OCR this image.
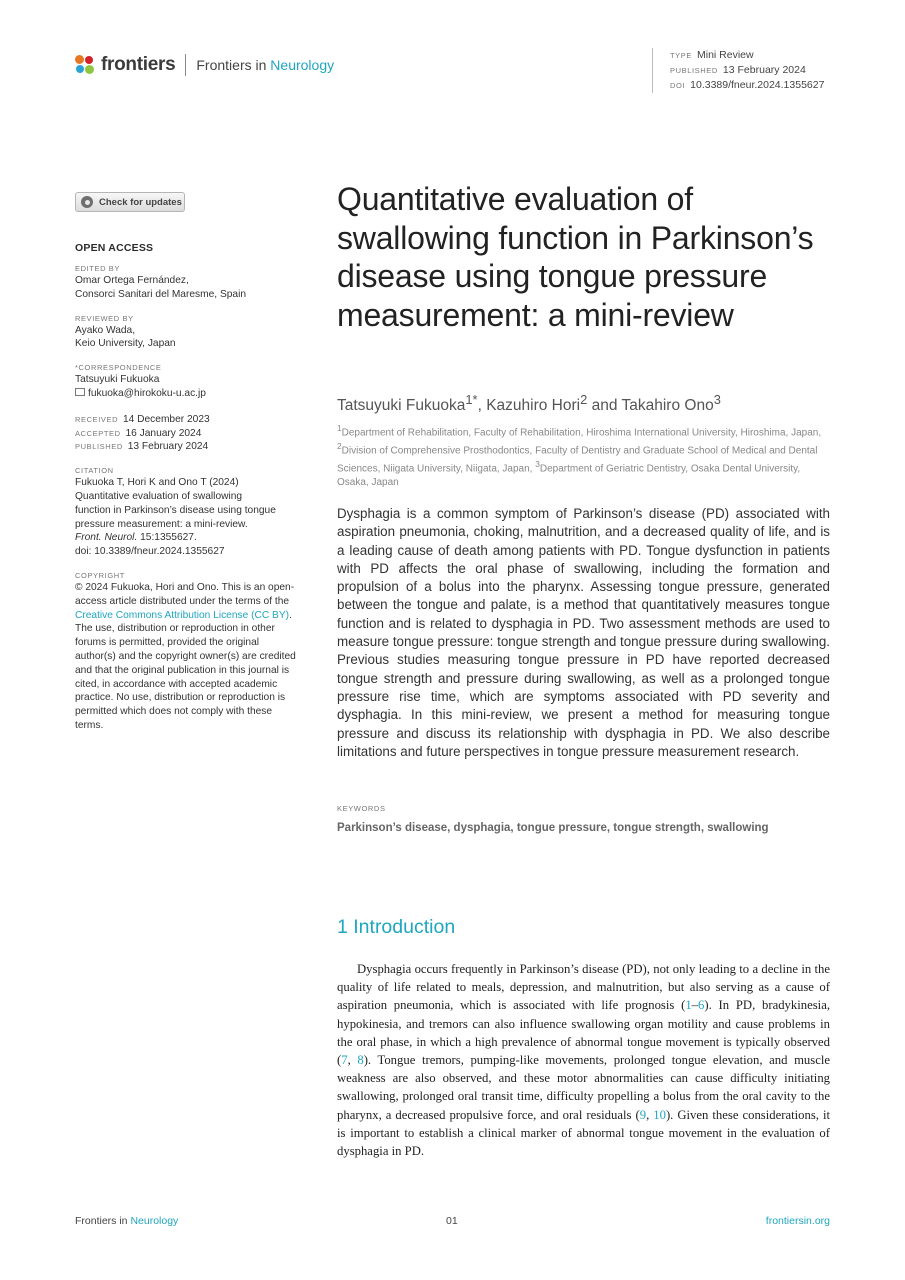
frontiers Frontiers in Neurology
TYPE Mini Review
PUBLISHED 13 February 2024
DOI 10.3389/fneur.2024.1355627
Check for updates
OPEN ACCESS
EDITED BY
Omar Ortega Fernández,
Consorci Sanitari del Maresme, Spain
REVIEWED BY
Ayako Wada,
Keio University, Japan
*CORRESPONDENCE
Tatsuyuki Fukuoka
fukuoka@hirokoku-u.ac.jp
RECEIVED 14 December 2023
ACCEPTED 16 January 2024
PUBLISHED 13 February 2024
CITATION
Fukuoka T, Hori K and Ono T (2024)
Quantitative evaluation of swallowing
function in Parkinson’s disease using tongue
pressure measurement: a mini-review.
Front. Neurol. 15:1355627.
doi: 10.3389/fneur.2024.1355627
COPYRIGHT
© 2024 Fukuoka, Hori and Ono. This is an open-access article distributed under the terms of the Creative Commons Attribution License (CC BY). The use, distribution or reproduction in other forums is permitted, provided the original author(s) and the copyright owner(s) are credited and that the original publication in this journal is cited, in accordance with accepted academic practice. No use, distribution or reproduction is permitted which does not comply with these terms.
Quantitative evaluation of swallowing function in Parkinson’s disease using tongue pressure measurement: a mini-review
Tatsuyuki Fukuoka$^{1*}$, Kazuhiro Hori$^2$ and Takahiro Ono$^3$
$^1$Department of Rehabilitation, Faculty of Rehabilitation, Hiroshima International University, Hiroshima, Japan, $^2$Division of Comprehensive Prosthodontics, Faculty of Dentistry and Graduate School of Medical and Dental Sciences, Niigata University, Niigata, Japan, $^3$Department of Geriatric Dentistry, Osaka Dental University, Osaka, Japan
Dysphagia is a common symptom of Parkinson’s disease (PD) associated with aspiration pneumonia, choking, malnutrition, and a decreased quality of life, and is a leading cause of death among patients with PD. Tongue dysfunction in patients with PD affects the oral phase of swallowing, including the formation and propulsion of a bolus into the pharynx. Assessing tongue pressure, generated between the tongue and palate, is a method that quantitatively measures tongue function and is related to dysphagia in PD. Two assessment methods are used to measure tongue pressure: tongue strength and tongue pressure during swallowing. Previous studies measuring tongue pressure in PD have reported decreased tongue strength and pressure during swallowing, as well as a prolonged tongue pressure rise time, which are symptoms associated with PD severity and dysphagia. In this mini-review, we present a method for measuring tongue pressure and discuss its relationship with dysphagia in PD. We also describe limitations and future perspectives in tongue pressure measurement research.
KEYWORDS
Parkinson’s disease, dysphagia, tongue pressure, tongue strength, swallowing
1 Introduction
Dysphagia occurs frequently in Parkinson’s disease (PD), not only leading to a decline in the quality of life related to meals, depression, and malnutrition, but also serving as a cause of aspiration pneumonia, which is associated with life prognosis (1–6). In PD, bradykinesia, hypokinesia, and tremors can also influence swallowing organ motility and cause problems in the oral phase, in which a high prevalence of abnormal tongue movement is typically observed (7, 8). Tongue tremors, pumping-like movements, prolonged tongue elevation, and muscle weakness are also observed, and these motor abnormalities can cause difficulty initiating swallowing, prolonged oral transit time, difficulty propelling a bolus from the oral cavity to the pharynx, a decreased propulsive force, and oral residuals (9, 10). Given these considerations, it is important to establish a clinical marker of abnormal tongue movement in the evaluation of dysphagia in PD.
Frontiers in Neurology	01	frontiersin.org
